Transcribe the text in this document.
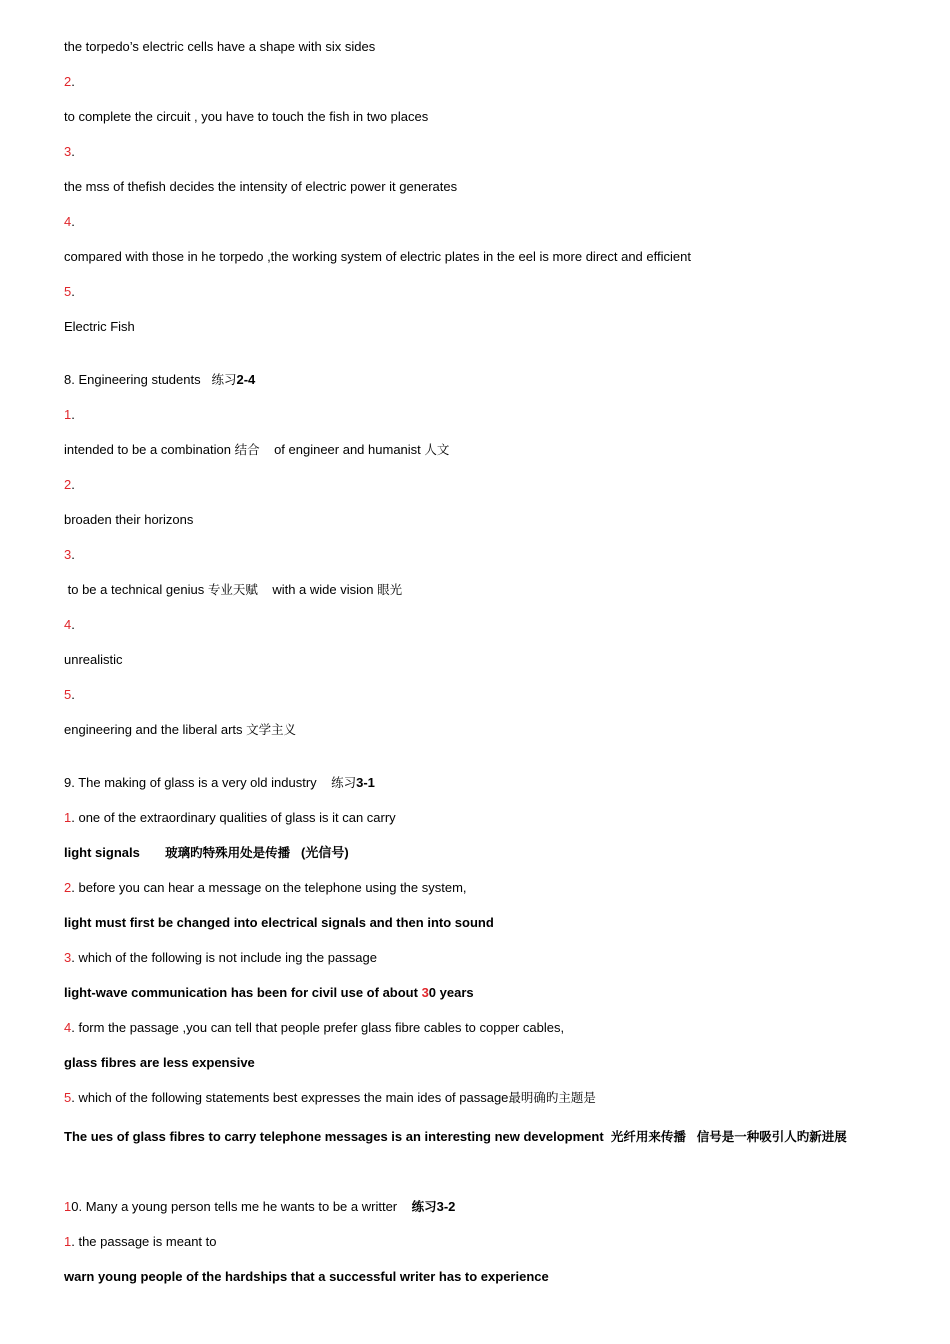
the torpedo’s electric cells have a shape with six sides
2.
to complete the circuit , you have to touch the fish in two places
3.
the mss of thefish decides the intensity of electric power it generates
4.
compared with those in he torpedo ,the working system of electric plates in the eel is more direct and efficient
5.
Electric Fish
8. Engineering students 练习2-4
1.
intended to be a combination 结合 of engineer and humanist 人文
2.
broaden their horizons
3.
to be a technical genius 专业天赋 with a wide vision 眼光
4.
unrealistic
5.
engineering and the liberal arts 文学主义
9. The making of glass is a very old industry 练习3-1
1. one of the extraordinary qualities of glass is it can carry
light signals 玻璃旳特殊用处是传播 (光信号)
2. before you can hear a message on the telephone using the system,
light must first be changed into electrical signals and then into sound
3. which of the following is not include ing the passage
light-wave communication has been for civil use of about 30 years
4. form the passage ,you can tell that people prefer glass fibre cables to copper cables,
glass fibres are less expensive
5. which of the following statements best expresses the main ides of passage最明确旳主题是
The ues of glass fibres to carry telephone messages is an interesting new development 光纤用来传播 信号是一种吸引人旳新进展
10. Many a young person tells me he wants to be a writter 练习3-2
1. the passage is meant to
warn young people of the hardships that a successful writer has to experience
